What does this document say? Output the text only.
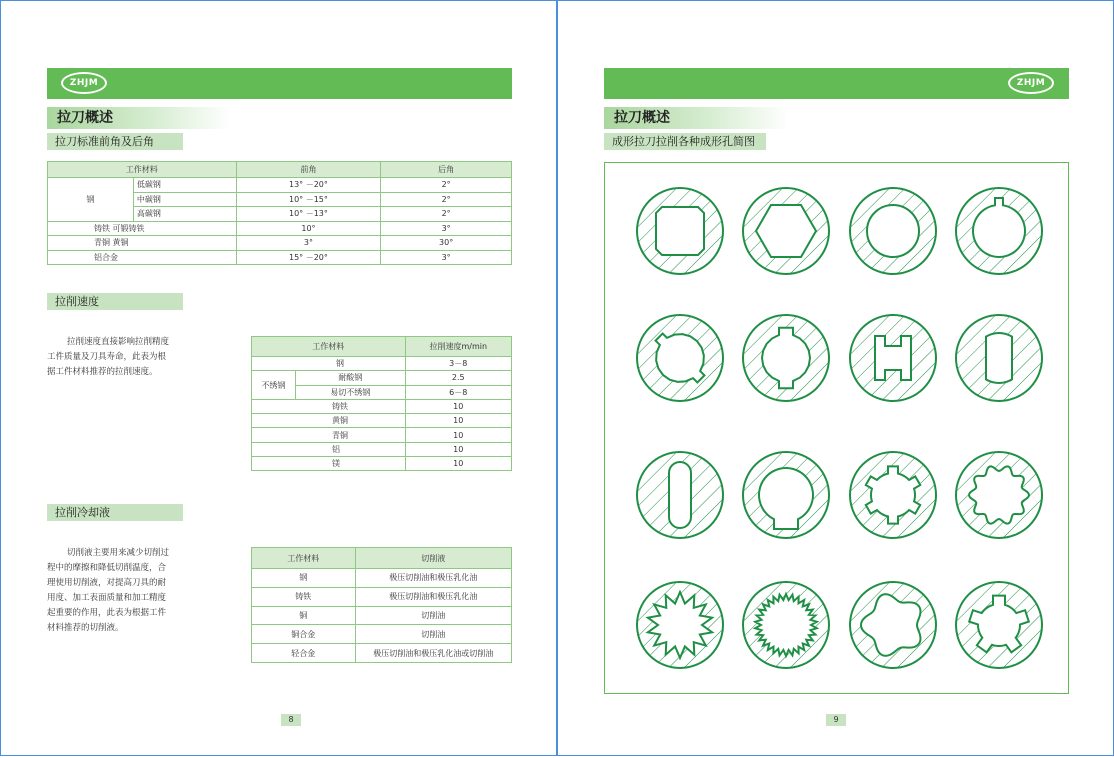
ZHJM
拉刀概述
拉刀标准前角及后角
工作材料		前角	后角
钢	低碳钢	13° －20°	2°
	中碳钢	10° －15°	2°
	高碳钢	10° －13°	2°
铸铁 可锻铸铁		10°	3°
青铜 黄铜		3°	30°
铝合金		15° －20°	3°
拉削速度
拉削速度直接影响拉削精度
工件质量及刀具寿命，此表为根
据工件材料推荐的拉削速度。
工作材料		拉削速度m/min
钢		3－8
不绣钢	耐酸钢	2.5
	易切不绣钢	6－8
铸铁		10
黄铜		10
青铜		10
铝		10
镁		10
拉削冷却液
切削液主要用来减少切削过
程中的摩擦和降低切削温度，合
理使用切削液，对提高刀具的耐
用度、加工表面质量和加工精度
起重要的作用，此表为根据工件
材料推荐的切削液。
工作材料	切削液
钢	极压切削油和极压乳化油
铸铁	极压切削油和极压乳化油
铜	切削油
铜合金	切削油
轻合金	极压切削油和极压乳化油或切削油
8
ZHJM
拉刀概述
成形拉刀拉削各种成形孔简图
9
